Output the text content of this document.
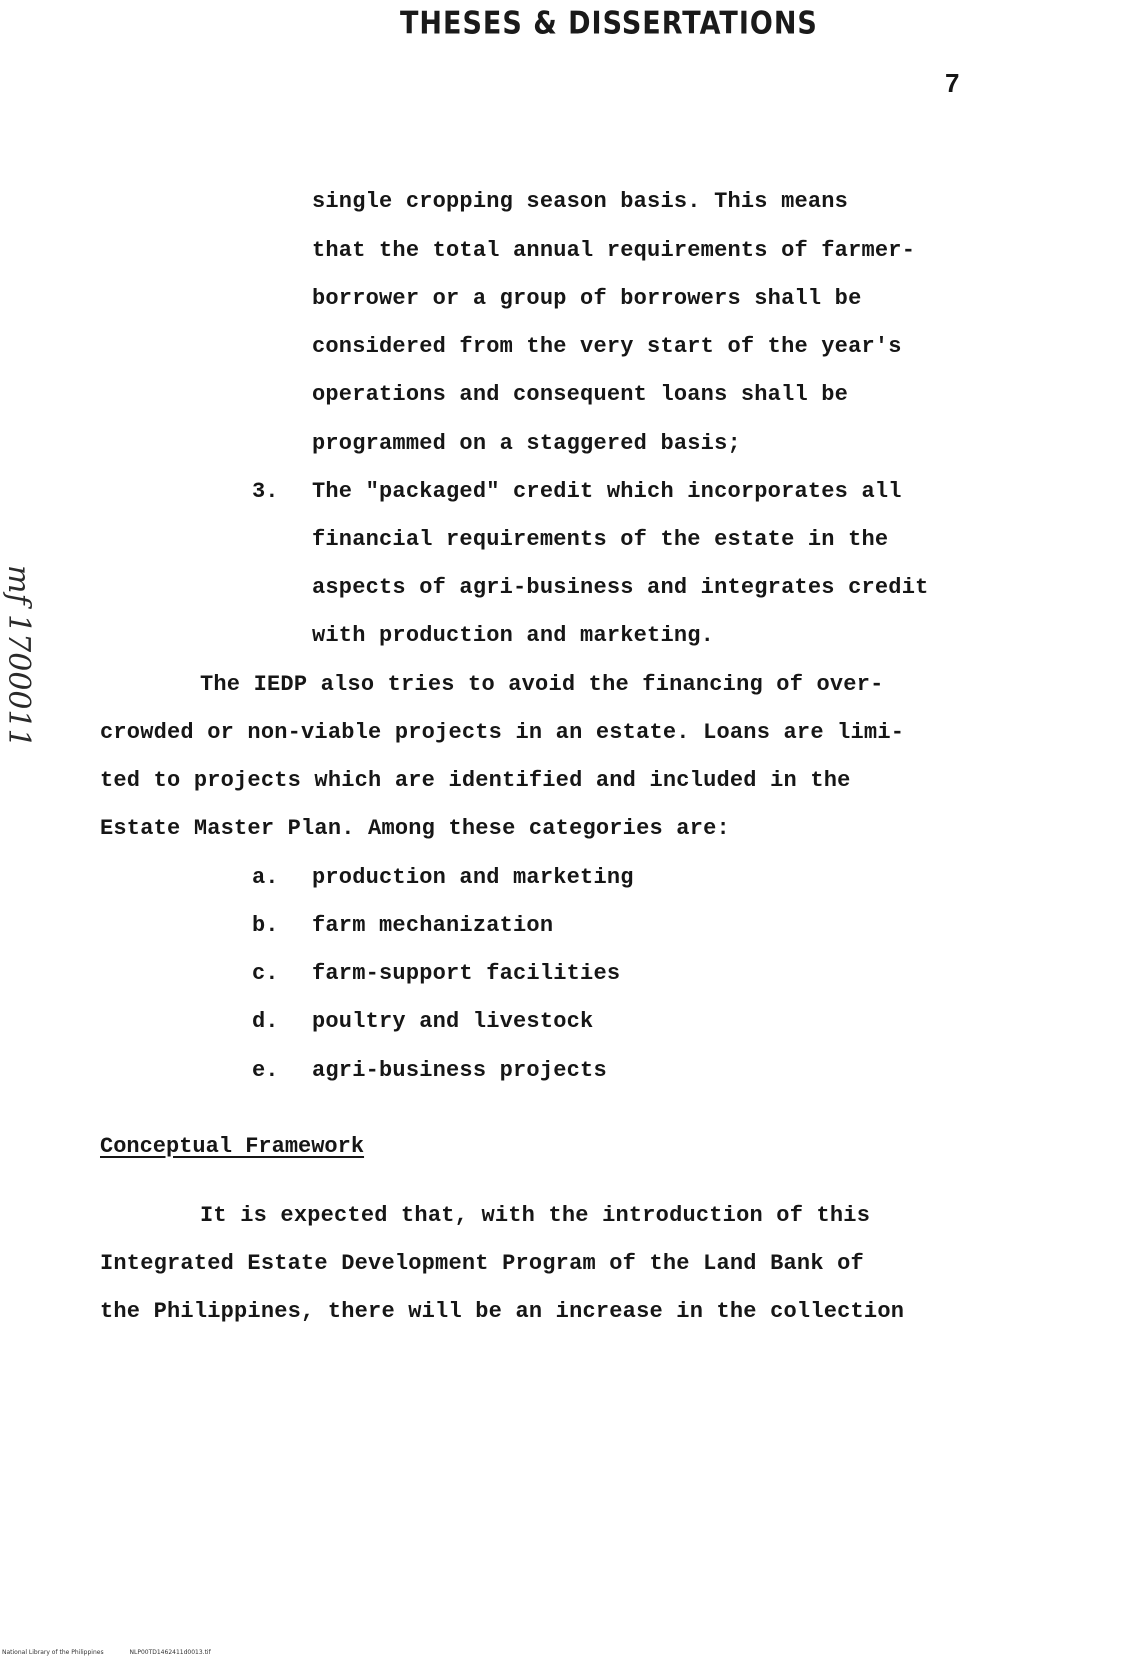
THESES & DISSERTATIONS
7
single cropping season basis. This means
that the total annual requirements of farmer-
borrower or a group of borrowers shall be
considered from the very start of the year's
operations and consequent loans shall be
programmed on a staggered basis;
3. The "packaged" credit which incorporates all
financial requirements of the estate in the
aspects of agri-business and integrates credit
with production and marketing.
The IEDP also tries to avoid the financing of over-
crowded or non-viable projects in an estate. Loans are limi-
ted to projects which are identified and included in the
Estate Master Plan. Among these categories are:
a. production and marketing
b. farm mechanization
c. farm-support facilities
d. poultry and livestock
e. agri-business projects
Conceptual Framework
It is expected that, with the introduction of this
Integrated Estate Development Program of the Land Bank of
the Philippines, there will be an increase in the collection
mf 1700011
National Library of the Philippines	NLP00TD1462411d0013.tif
